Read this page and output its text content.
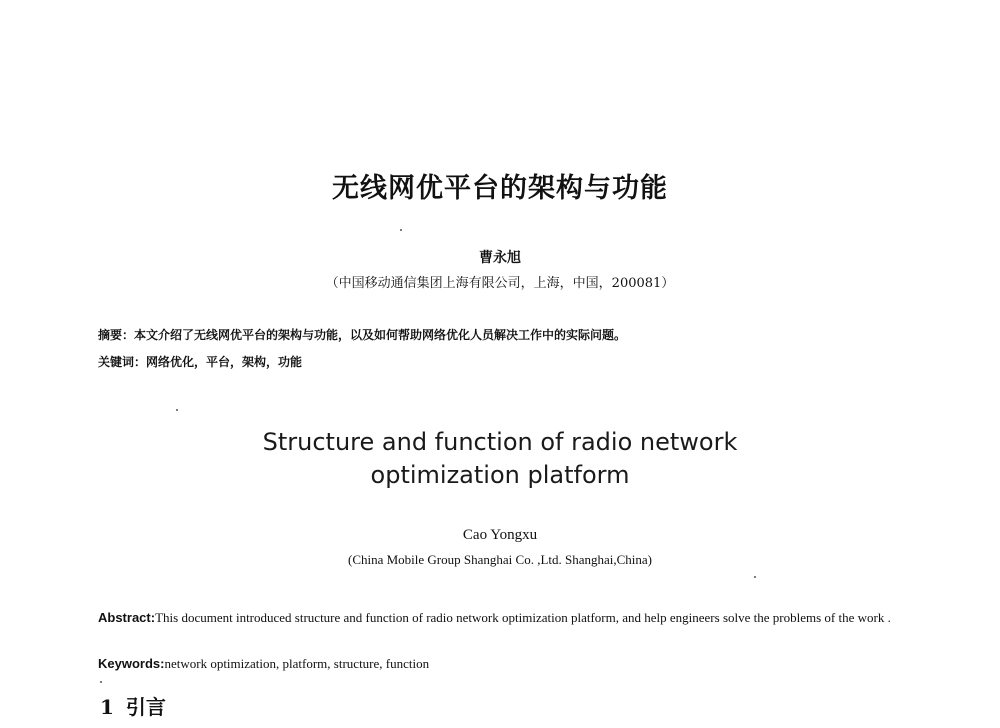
无线网优平台的架构与功能
曹永旭
（中国移动通信集团上海有限公司，上海，中国，200081）
摘要：本文介绍了无线网优平台的架构与功能，以及如何帮助网络优化人员解决工作中的实际问题。
关键词：网络优化，平台，架构，功能
Structure and function of radio network
optimization platform
Cao Yongxu
(China Mobile Group Shanghai Co. ,Ltd. Shanghai,China)
Abstract:This document introduced structure and function of radio network optimization platform, and help engineers solve the problems of the work .
Keywords:network optimization, platform, structure, function
1 引言
